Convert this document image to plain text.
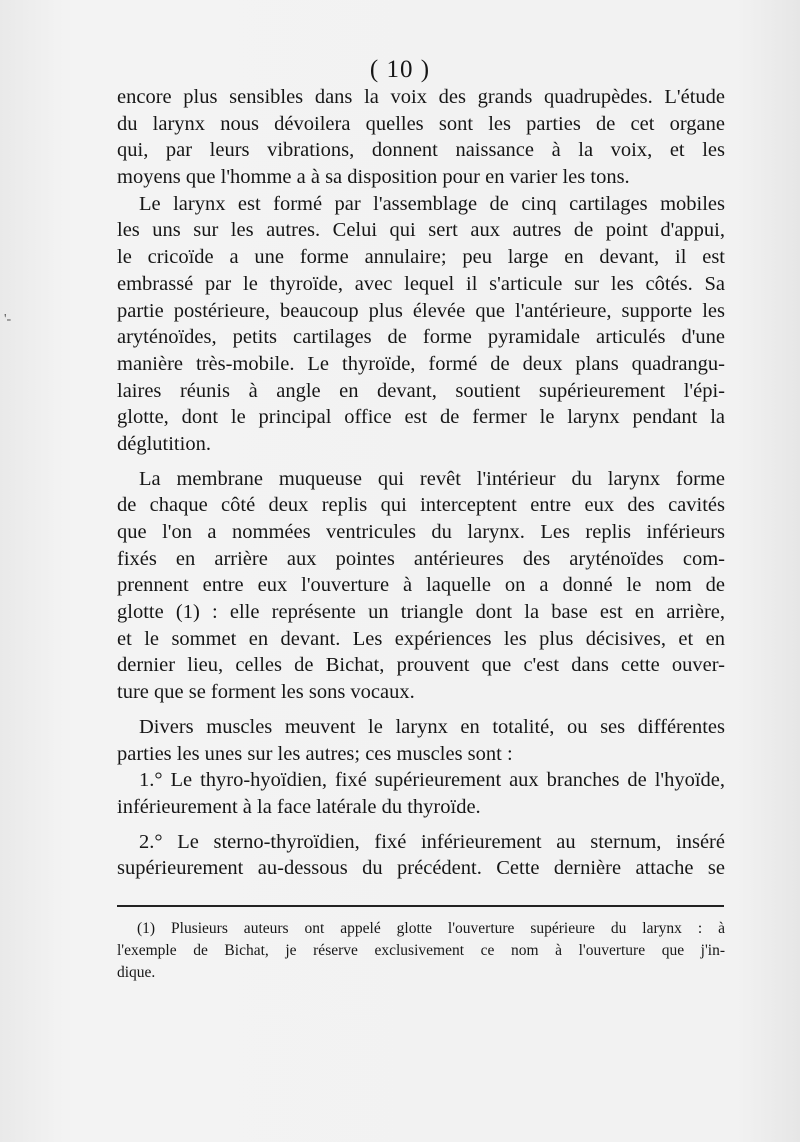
'-
( 10 )
encore plus sensibles dans la voix des grands quadrupèdes. L'étude
du larynx nous dévoilera quelles sont les parties de cet organe
qui, par leurs vibrations, donnent naissance à la voix, et les
moyens que l'homme a à sa disposition pour en varier les tons.
Le larynx est formé par l'assemblage de cinq cartilages mobiles
les uns sur les autres. Celui qui sert aux autres de point d'appui,
le cricoïde a une forme annulaire; peu large en devant, il est
embrassé par le thyroïde, avec lequel il s'articule sur les côtés. Sa
partie postérieure, beaucoup plus élevée que l'antérieure, supporte les
aryténoïdes, petits cartilages de forme pyramidale articulés d'une
manière très-mobile. Le thyroïde, formé de deux plans quadrangu-
laires réunis à angle en devant, soutient supérieurement l'épi-
glotte, dont le principal office est de fermer le larynx pendant la
déglutition.
La membrane muqueuse qui revêt l'intérieur du larynx forme
de chaque côté deux replis qui interceptent entre eux des cavités
que l'on a nommées ventricules du larynx. Les replis inférieurs
fixés en arrière aux pointes antérieures des aryténoïdes com-
prennent entre eux l'ouverture à laquelle on a donné le nom de
glotte (1) : elle représente un triangle dont la base est en arrière,
et le sommet en devant. Les expériences les plus décisives, et en
dernier lieu, celles de Bichat, prouvent que c'est dans cette ouver-
ture que se forment les sons vocaux.
Divers muscles meuvent le larynx en totalité, ou ses différentes
parties les unes sur les autres; ces muscles sont :
1.° Le thyro-hyoïdien, fixé supérieurement aux branches de l'hyoïde,
inférieurement à la face latérale du thyroïde.
2.° Le sterno-thyroïdien, fixé inférieurement au sternum, inséré
supérieurement au-dessous du précédent. Cette dernière attache se
(1) Plusieurs auteurs ont appelé glotte l'ouverture supérieure du larynx : à
l'exemple de Bichat, je réserve exclusivement ce nom à l'ouverture que j'in-
dique.
